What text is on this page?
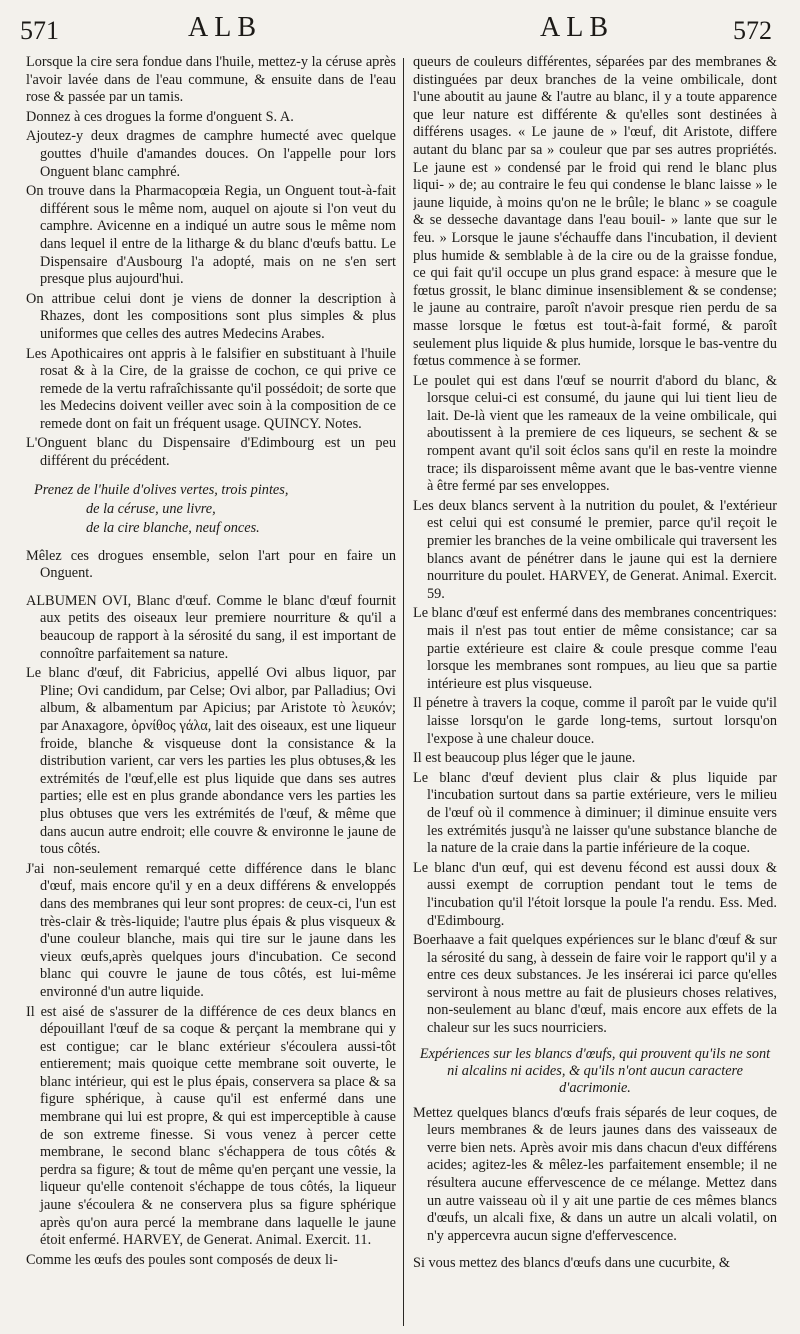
571	ALB	ALB	572

Lorsque la cire sera fondue dans l'huile, mettez-y la céruse après l'avoir lavée dans de l'eau commune, & ensuite dans de l'eau rose & passée par un tamis.

Donnez à ces drogues la forme d'onguent S. A.

Ajoutez-y deux dragmes de camphre humecté avec quelque gouttes d'huile d'amandes douces. On l'appelle pour lors Onguent blanc camphré.

On trouve dans la Pharmacopœia Regia, un Onguent tout-à-fait différent sous le même nom, auquel on ajoute si l'on veut du camphre. Avicenne en a indiqué un autre sous le même nom dans lequel il entre de la litharge & du blanc d'œufs battu. Le Dispensaire d'Ausbourg l'a adopté, mais on ne s'en sert presque plus aujourd'hui.

On attribue celui dont je viens de donner la description à Rhazes, dont les compositions sont plus simples & plus uniformes que celles des autres Medecins Arabes.

Les Apothicaires ont appris à le falsifier en substituant à l'huile rosat & à la Cire, de la graisse de cochon, ce qui prive ce remede de la vertu rafraîchissante qu'il possédoit; de sorte que les Medecins doivent veiller avec soin à la composition de ce remede dont on fait un fréquent usage. QUINCY. Notes.

L'Onguent blanc du Dispensaire d'Edimbourg est un peu différent du précédent.

Prenez de l'huile d'olives vertes, trois pintes,
de la céruse, une livre,
de la cire blanche, neuf onces.

Mêlez ces drogues ensemble, selon l'art pour en faire un Onguent.

ALBUMEN OVI, Blanc d'œuf. Comme le blanc d'œuf fournit aux petits des oiseaux leur premiere nourriture & qu'il a beaucoup de rapport à la sérosité du sang, il est important de connoître parfaitement sa nature.

Le blanc d'œuf, dit Fabricius, appellé Ovi albus liquor, par Pline; Ovi candidum, par Celse; Ovi albor, par Palladius; Ovi album, & albamentum par Apicius; par Aristote τὸ λευκόν; par Anaxagore, ὀρνίθος γάλα, lait des oiseaux, est une liqueur froide, blanche & visqueuse dont la consistance & la distribution varient, car vers les parties les plus obtuses,& les extrémités de l'œuf,elle est plus liquide que dans ses autres parties; elle est en plus grande abondance vers les parties les plus obtuses que vers les extrémités de l'œuf, & même que dans aucun autre endroit; elle couvre & environne le jaune de tous côtés.

J'ai non-seulement remarqué cette différence dans le blanc d'œuf, mais encore qu'il y en a deux différens & enveloppés dans des membranes qui leur sont propres: de ceux-ci, l'un est très-clair & très-liquide; l'autre plus épais & plus visqueux & d'une couleur blanche, mais qui tire sur le jaune dans les vieux œufs,après quelques jours d'incubation. Ce second blanc qui couvre le jaune de tous côtés, est lui-même environné d'un autre liquide.

Il est aisé de s'assurer de la différence de ces deux blancs en dépouillant l'œuf de sa coque & perçant la membrane qui y est contigue; car le blanc extérieur s'écoulera aussi-tôt entierement; mais quoique cette membrane soit ouverte, le blanc intérieur, qui est le plus épais, conservera sa place & sa figure sphérique, à cause qu'il est enfermé dans une membrane qui lui est propre, & qui est imperceptible à cause de son extreme finesse. Si vous venez à percer cette membrane, le second blanc s'échappera de tous côtés & perdra sa figure; & tout de même qu'en perçant une vessie, la liqueur qu'elle contenoit s'échappe de tous côtés, la liqueur jaune s'écoulera & ne conservera plus sa figure sphérique après qu'on aura percé la membrane dans laquelle le jaune étoit enfermé. HARVEY, de Generat. Animal. Exercit. 11.

Comme les œufs des poules sont composés de deux li-

queurs de couleurs différentes, séparées par des membranes & distinguées par deux branches de la veine ombilicale, dont l'une aboutit au jaune & l'autre au blanc, il y a toute apparence que leur nature est différente & qu'elles sont destinées à différens usages. « Le jaune de » l'œuf, dit Aristote, differe autant du blanc par sa » couleur que par ses autres propriétés. Le jaune est » condensé par le froid qui rend le blanc plus liqui- » de; au contraire le feu qui condense le blanc laisse » le jaune liquide, à moins qu'on ne le brûle; le blanc » se coagule & se desseche davantage dans l'eau bouil- » lante que sur le feu. » Lorsque le jaune s'échauffe dans l'incubation, il devient plus humide & semblable à de la cire ou de la graisse fondue, ce qui fait qu'il occupe un plus grand espace: à mesure que le fœtus grossit, le blanc diminue insensiblement & se condense; le jaune au contraire, paroît n'avoir presque rien perdu de sa masse lorsque le fœtus est tout-à-fait formé, & paroît seulement plus liquide & plus humide, lorsque le bas-ventre du fœtus commence à se former.

Le poulet qui est dans l'œuf se nourrit d'abord du blanc, & lorsque celui-ci est consumé, du jaune qui lui tient lieu de lait. De-là vient que les rameaux de la veine ombilicale, qui aboutissent à la premiere de ces liqueurs, se sechent & se rompent avant qu'il soit éclos sans qu'il en reste la moindre trace; ils disparoissent même avant que le bas-ventre vienne à être fermé par ses enveloppes.

Les deux blancs servent à la nutrition du poulet, & l'extérieur est celui qui est consumé le premier, parce qu'il reçoit le premier les branches de la veine ombilicale qui traversent les blancs avant de pénétrer dans le jaune qui est la derniere nourriture du poulet. HARVEY, de Generat. Animal. Exercit. 59.

Le blanc d'œuf est enfermé dans des membranes concentriques: mais il n'est pas tout entier de même consistance; car sa partie extérieure est claire & coule presque comme l'eau lorsque les membranes sont rompues, au lieu que sa partie intérieure est plus visqueuse.

Il pénetre à travers la coque, comme il paroît par le vuide qu'il laisse lorsqu'on le garde long-tems, surtout lorsqu'on l'expose à une chaleur douce.

Il est beaucoup plus léger que le jaune.

Le blanc d'œuf devient plus clair & plus liquide par l'incubation surtout dans sa partie extérieure, vers le milieu de l'œuf où il commence à diminuer; il diminue ensuite vers les extrémités jusqu'à ne laisser qu'une substance blanche de la nature de la craie dans la partie inférieure de la coque.

Le blanc d'un œuf, qui est devenu fécond est aussi doux & aussi exempt de corruption pendant tout le tems de l'incubation qu'il l'étoit lorsque la poule l'a rendu. Ess. Med. d'Edimbourg.

Boerhaave a fait quelques expériences sur le blanc d'œuf & sur la sérosité du sang, à dessein de faire voir le rapport qu'il y a entre ces deux substances. Je les insérerai ici parce qu'elles serviront à nous mettre au fait de plusieurs choses relatives, non-seulement au blanc d'œuf, mais encore aux effets de la chaleur sur les sucs nourriciers.

Expériences sur les blancs d'œufs, qui prouvent qu'ils ne sont ni alcalins ni acides, & qu'ils n'ont aucun caractere d'acrimonie.

Mettez quelques blancs d'œufs frais séparés de leur coques, de leurs membranes & de leurs jaunes dans des vaisseaux de verre bien nets. Après avoir mis dans chacun d'eux différens acides; agitez-les & mêlez-les parfaitement ensemble; il ne résultera aucune effervescence de ce mélange. Mettez dans un autre vaisseau où il y ait une partie de ces mêmes blancs d'œufs, un alcali fixe, & dans un autre un alcali volatil, on n'y appercevra aucun signe d'effervescence.

Si vous mettez des blancs d'œufs dans une cucurbite, &
